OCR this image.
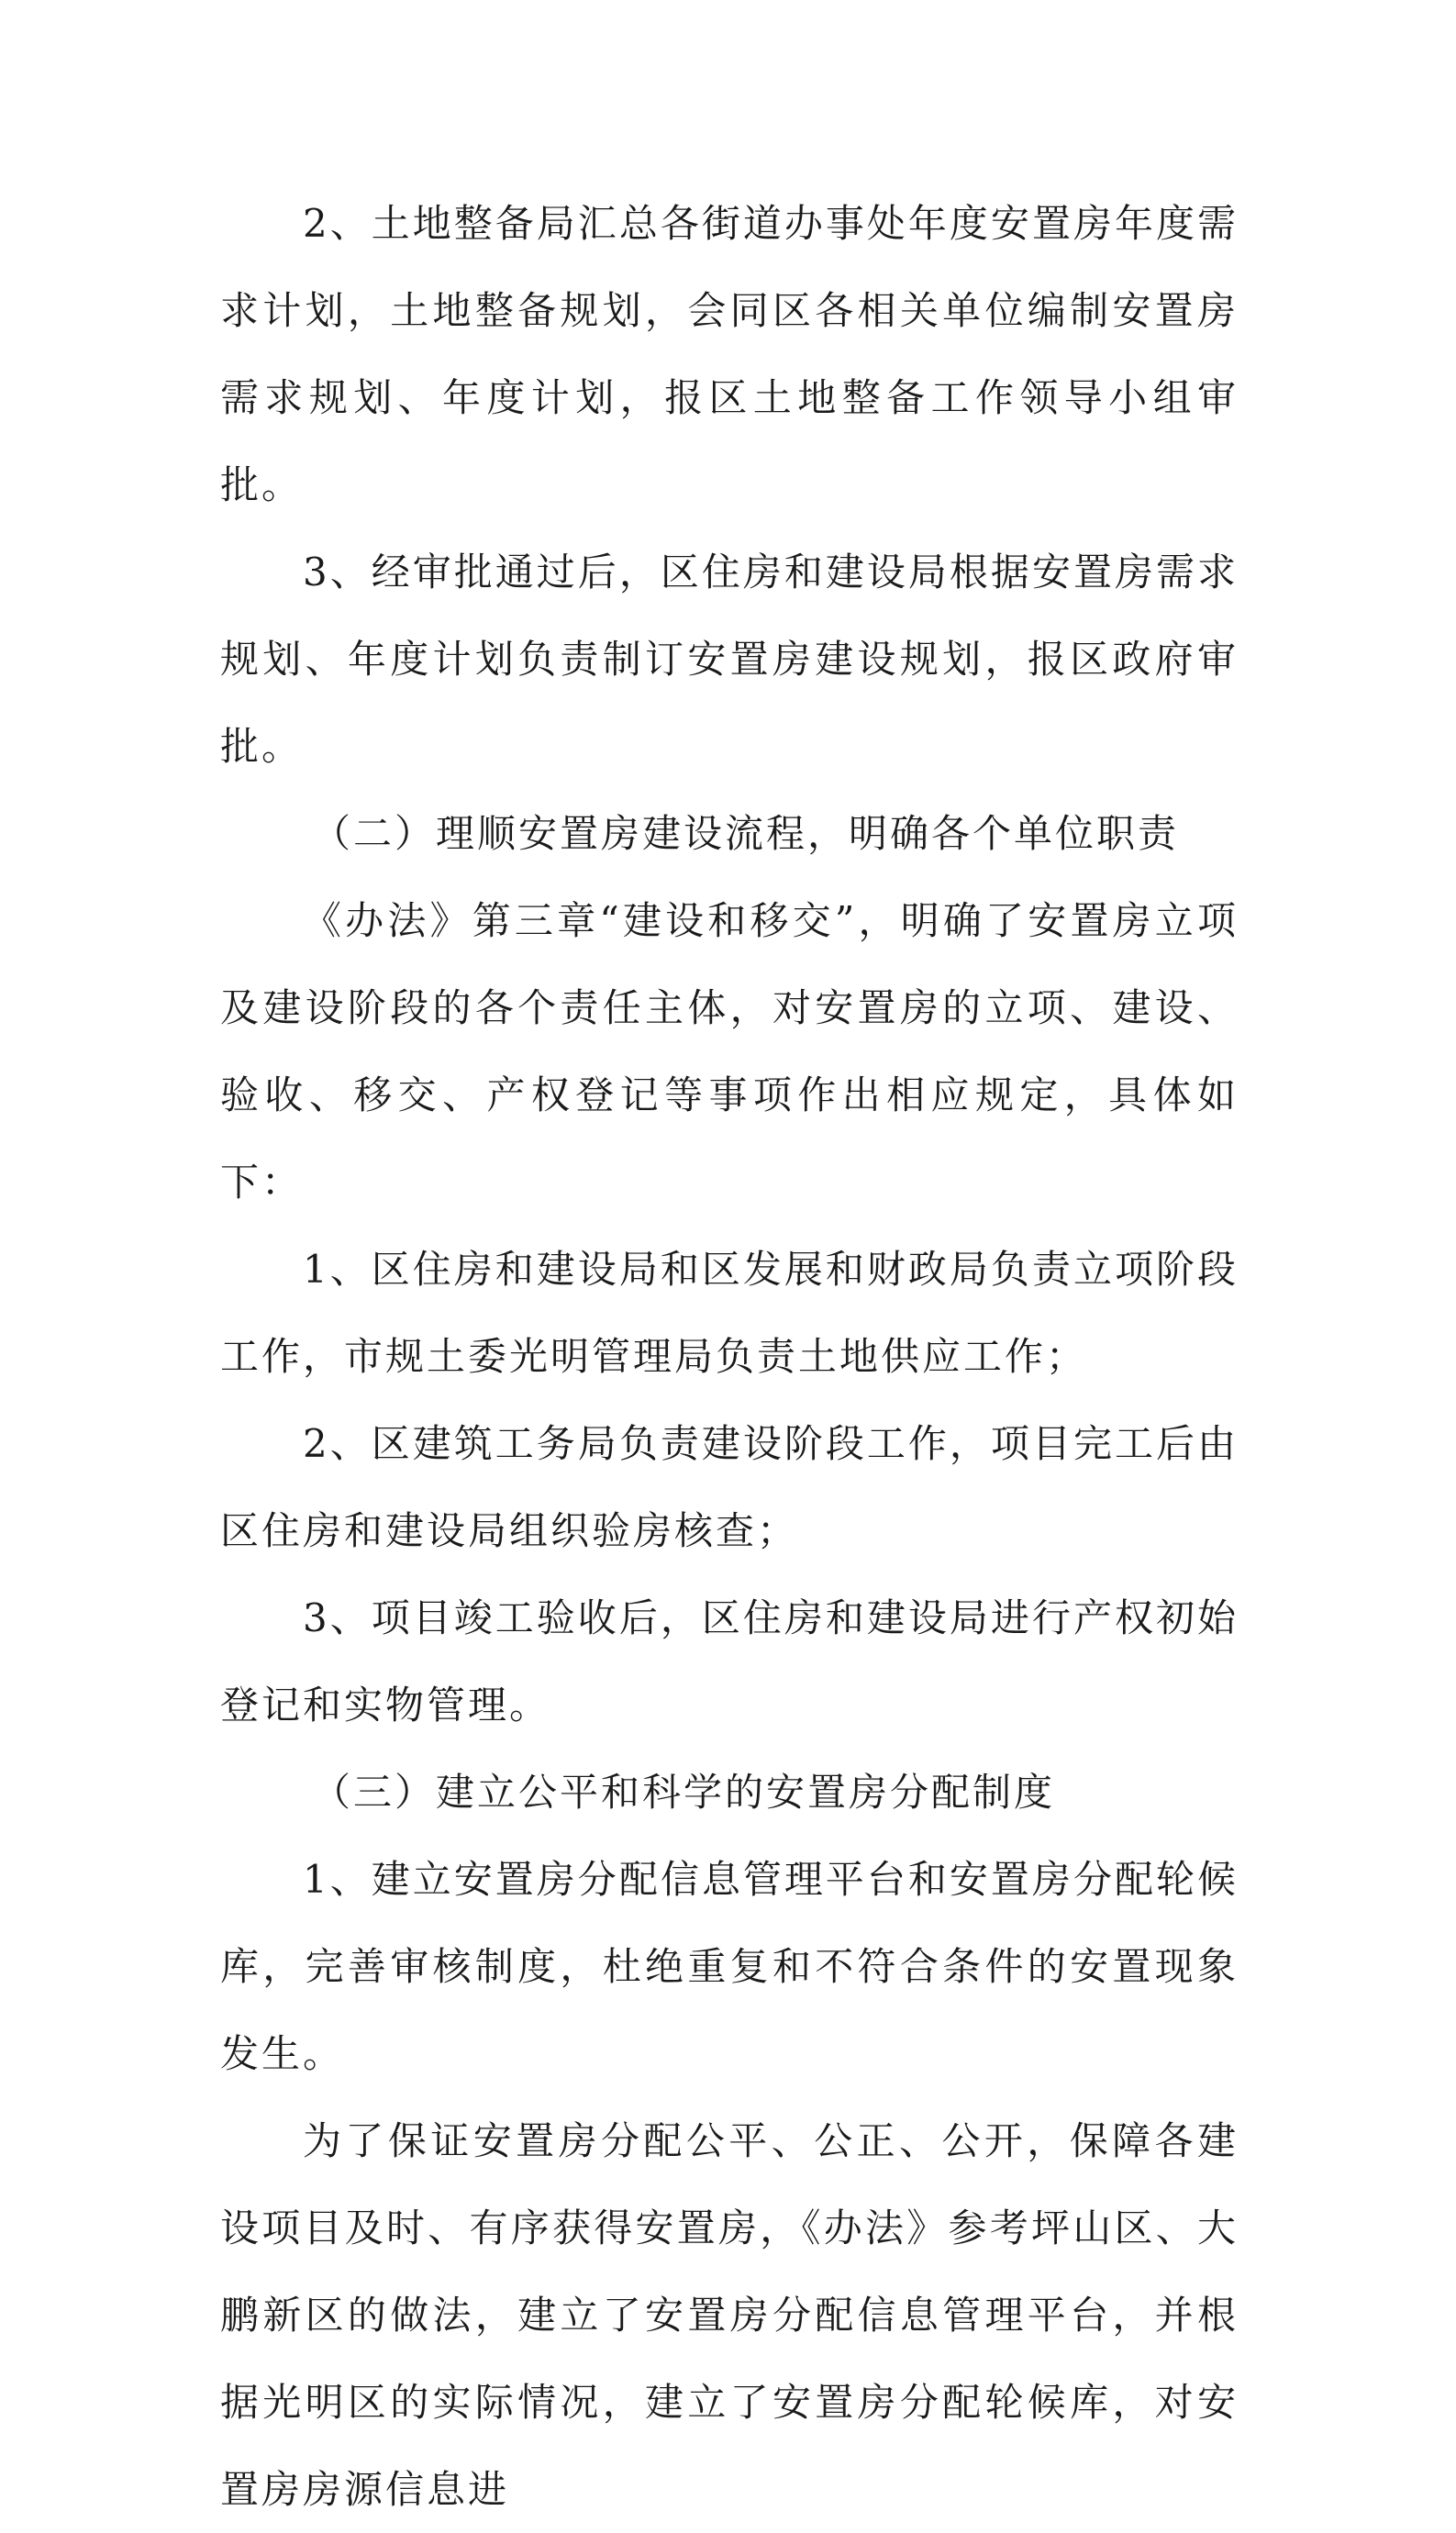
2、土地整备局汇总各街道办事处年度安置房年度需求计划，土地整备规划，会同区各相关单位编制安置房需求规划、年度计划，报区土地整备工作领导小组审批。

3、经审批通过后，区住房和建设局根据安置房需求规划、年度计划负责制订安置房建设规划，报区政府审批。

（二）理顺安置房建设流程，明确各个单位职责

《办法》第三章“建设和移交”，明确了安置房立项及建设阶段的各个责任主体，对安置房的立项、建设、验收、移交、产权登记等事项作出相应规定，具体如下：

1、区住房和建设局和区发展和财政局负责立项阶段工作，市规土委光明管理局负责土地供应工作；

2、区建筑工务局负责建设阶段工作，项目完工后由区住房和建设局组织验房核查；

3、项目竣工验收后，区住房和建设局进行产权初始登记和实物管理。

（三）建立公平和科学的安置房分配制度

1、建立安置房分配信息管理平台和安置房分配轮候库，完善审核制度，杜绝重复和不符合条件的安置现象发生。

为了保证安置房分配公平、公正、公开，保障各建设项目及时、有序获得安置房，《办法》参考坪山区、大鹏新区的做法，建立了安置房分配信息管理平台，并根据光明区的实际情况，建立了安置房分配轮候库，对安置房房源信息进
